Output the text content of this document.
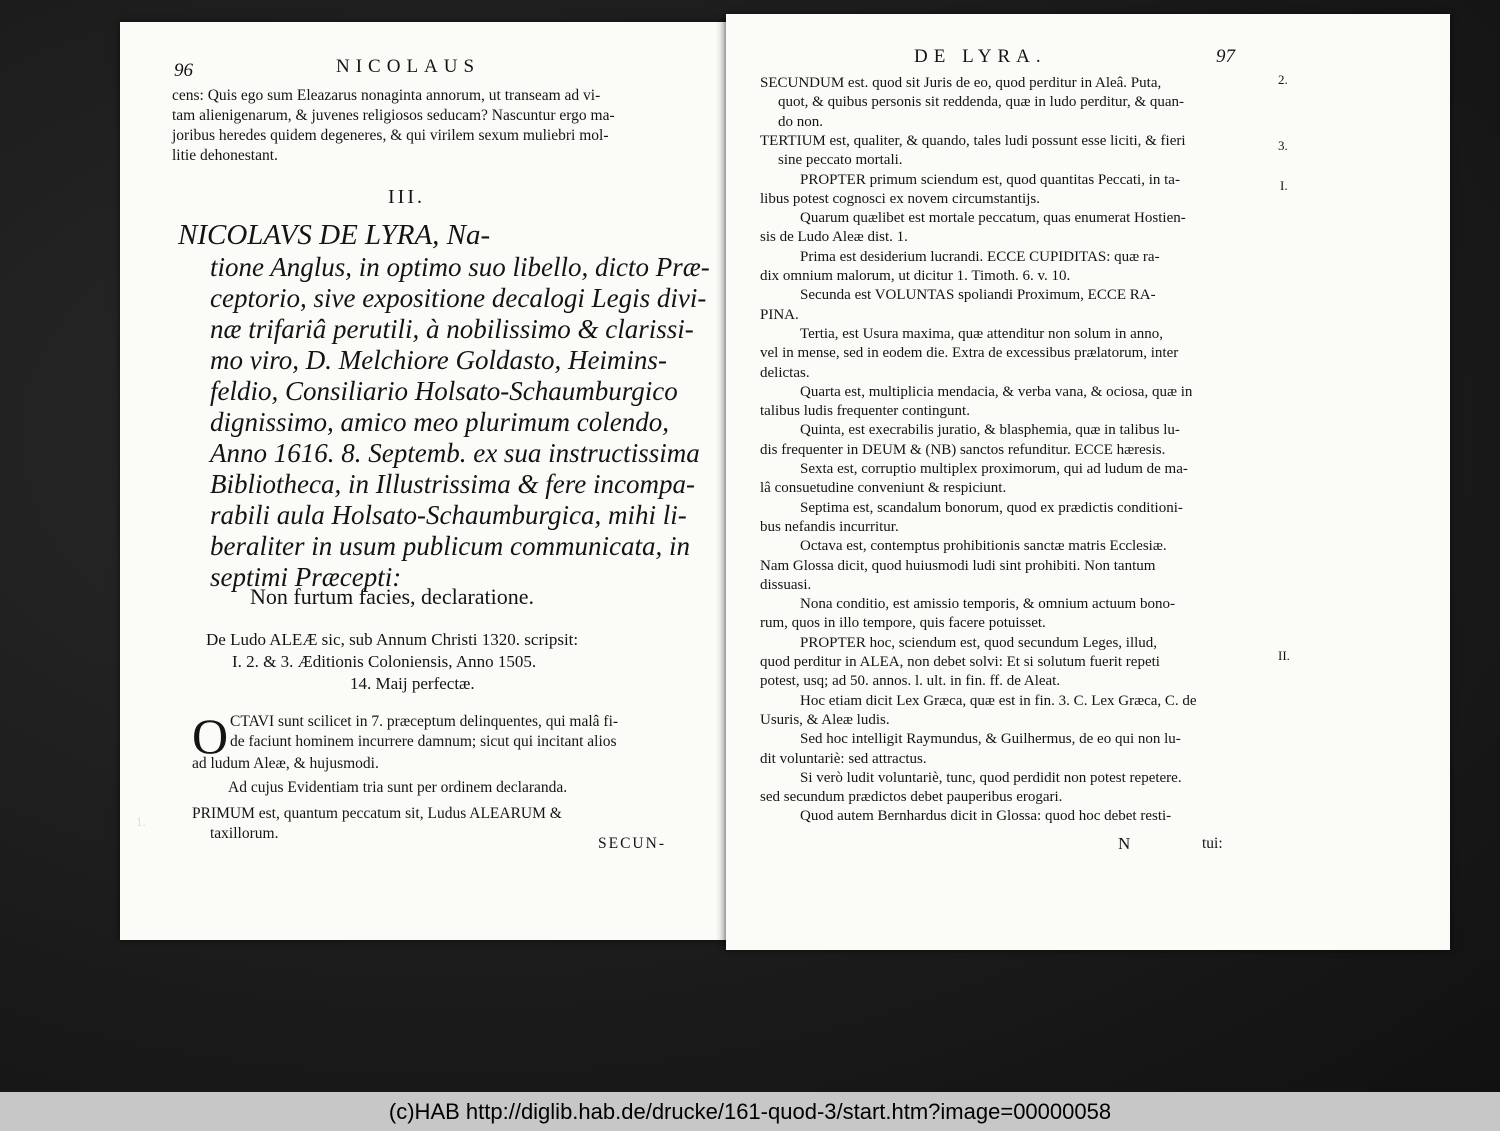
96	NICOLAUS
cens: Quis ego sum Eleazarus nonaginta annorum, ut transeam ad vi-
tam alienigenarum, & juvenes religiosos seducam? Nascuntur ergo ma-
joribus heredes quidem degeneres, & qui virilem sexum muliebri mol-
litie dehonestant.
III.
NICOLAVS DE LYRA, Na-
tione Anglus, in optimo suo libello, dicto Præ-
ceptorio, sive expositione decalogi Legis divi-
næ trifariâ perutili, à nobilissimo & clarissi-
mo viro, D. Melchiore Goldasto, Heimins-
feldio, Consiliario Holsato-Schaumburgico
dignissimo, amico meo plurimum colendo,
Anno 1616. 8. Septemb. ex sua instructissima
Bibliotheca, in Illustrissima & fere incompa-
rabili aula Holsato-Schaumburgica, mihi li-
beraliter in usum publicum communicata, in
septimi Præcepti:
Non furtum facies, declaratione.
De Ludo ALEÆ sic, sub Annum Christi 1320. scripsit:
I. 2. & 3. Æditionis Coloniensis, Anno 1505.
14. Maij perfectæ.
O CTAVI sunt scilicet in 7. præceptum delinquentes, qui malâ fi-
de faciunt hominem incurrere damnum; sicut qui incitant alios
ad ludum Aleæ, & hujusmodi.
Ad cujus Evidentiam tria sunt per ordinem declaranda.
PRIMUM est, quantum peccatum sit, Ludus ALEARUM &
taxillorum.
SECUN-
1.
DE LYRA.	97
SECUNDUM est. quod sit Juris de eo, quod perditur in Aleâ. Puta,
quot, & quibus personis sit reddenda, quæ in ludo perditur, & quan-
do non.
TERTIUM est, qualiter, & quando, tales ludi possunt esse liciti, & fieri
sine peccato mortali.
PROPTER primum sciendum est, quod quantitas Peccati, in ta-
libus potest cognosci ex novem circumstantijs.
Quarum quælibet est mortale peccatum, quas enumerat Hostien-
sis de Ludo Aleæ dist. 1.
Prima est desiderium lucrandi. ECCE CUPIDITAS: quæ ra-
dix omnium malorum, ut dicitur 1. Timoth. 6. v. 10.
Secunda est VOLUNTAS spoliandi Proximum, ECCE RA-
PINA.
Tertia, est Usura maxima, quæ attenditur non solum in anno,
vel in mense, sed in eodem die. Extra de excessibus prælatorum, inter
delictas.
Quarta est, multiplicia mendacia, & verba vana, & ociosa, quæ in
talibus ludis frequenter contingunt.
Quinta, est execrabilis juratio, & blasphemia, quæ in talibus lu-
dis frequenter in DEUM & (NB) sanctos refunditur. ECCE hæresis.
Sexta est, corruptio multiplex proximorum, qui ad ludum de ma-
lâ consuetudine conveniunt & respiciunt.
Septima est, scandalum bonorum, quod ex prædictis conditioni-
bus nefandis incurritur.
Octava est, contemptus prohibitionis sanctæ matris Ecclesiæ.
Nam Glossa dicit, quod huiusmodi ludi sint prohibiti. Non tantum
dissuasi.
Nona conditio, est amissio temporis, & omnium actuum bono-
rum, quos in illo tempore, quis facere potuisset.
PROPTER hoc, sciendum est, quod secundum Leges, illud,
quod perditur in ALEA, non debet solvi: Et si solutum fuerit repeti
potest, usq; ad 50. annos. l. ult. in fin. ff. de Aleat.
Hoc etiam dicit Lex Græca, quæ est in fin. 3. C. Lex Græca, C. de
Usuris, & Aleæ ludis.
Sed hoc intelligit Raymundus, & Guilhermus, de eo qui non lu-
dit voluntariè: sed attractus.
Si verò ludit voluntariè, tunc, quod perdidit non potest repetere.
sed secundum prædictos debet pauperibus erogari.
Quod autem Bernhardus dicit in Glossa: quod hoc debet resti-
N	tui:
2.
3.
I.
II.
(c)HAB http://diglib.hab.de/drucke/161-quod-3/start.htm?image=00000058
